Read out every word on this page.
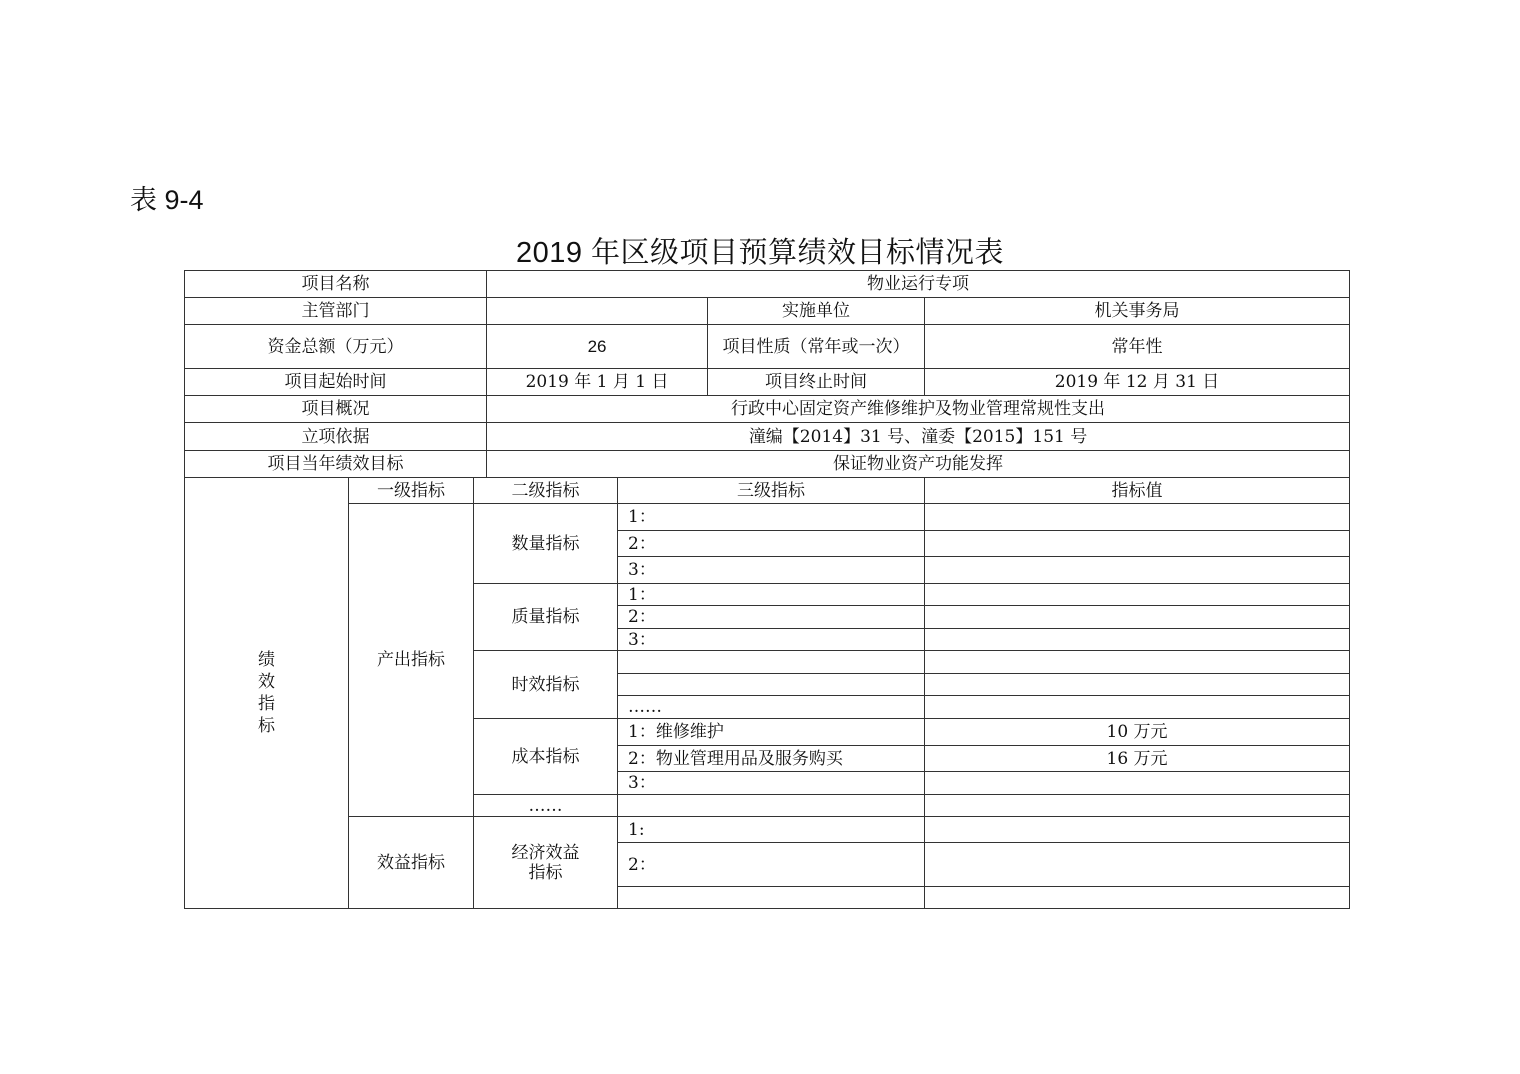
表 9-4
2019 年区级项目预算绩效目标情况表
项目名称			物业运行专项			
主管部门					实施单位	机关事务局
资金总额（万元）			26		项目性质（常年或一次）	常年性
项目起始时间			2019 年 1 月 1 日		项目终止时间	2019 年 12 月 31 日
项目概况			行政中心固定资产维修维护及物业管理常规性支出			
立项依据			潼编【2014】31 号、潼委【2015】151 号			
项目当年绩效目标			保证物业资产功能发挥			
绩效指标	一级指标	二级指标		三级指标		指标值
	产出指标	数量指标		1：		
				2：		
				3：		
		质量指标		1：		
				2：		
				3：		
		时效指标				

				……		
		成本指标		1：维修维护		10 万元
				2：物业管理用品及服务购买		16 万元
				3：		
		……				
	效益指标	经济效益指标		1:		
				2：		
